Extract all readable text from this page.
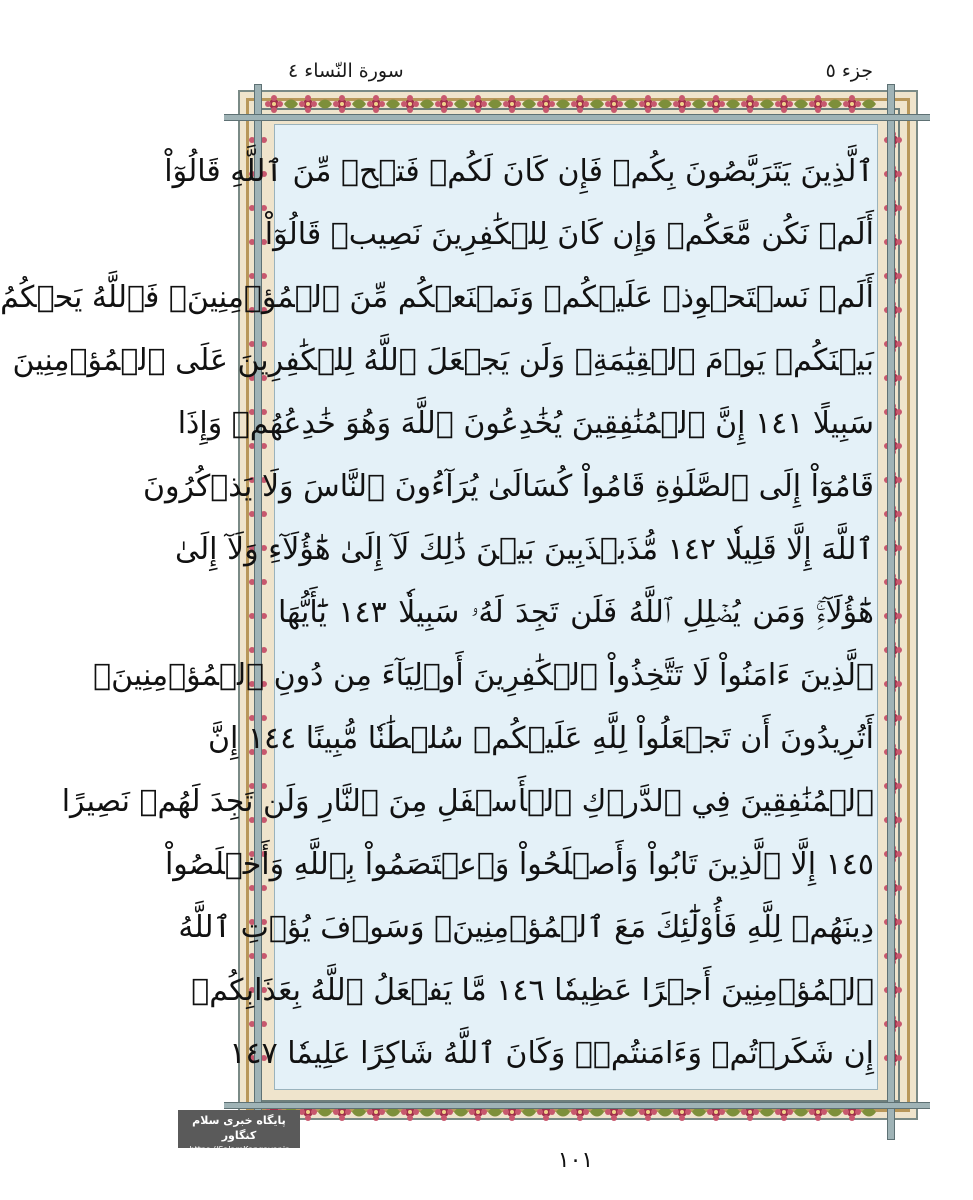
سورة النّساء ٤	جزء ٥
ٱلَّذِينَ يَتَرَبَّصُونَ بِكُمۡ فَإِن كَانَ لَكُمۡ فَتۡحٞ مِّنَ ٱللَّهِ قَالُوٓاْ
أَلَمۡ نَكُن مَّعَكُمۡ وَإِن كَانَ لِلۡكَٰفِرِينَ نَصِيبٞ قَالُوٓاْ
أَلَمۡ نَسۡتَحۡوِذۡ عَلَيۡكُمۡ وَنَمۡنَعۡكُم مِّنَ ٱلۡمُؤۡمِنِينَۚ فَٱللَّهُ يَحۡكُمُ
بَيۡنَكُمۡ يَوۡمَ ٱلۡقِيَٰمَةِۗ وَلَن يَجۡعَلَ ٱللَّهُ لِلۡكَٰفِرِينَ عَلَى ٱلۡمُؤۡمِنِينَ
سَبِيلًا ١٤١ إِنَّ ٱلۡمُنَٰفِقِينَ يُخَٰدِعُونَ ٱللَّهَ وَهُوَ خَٰدِعُهُمۡ وَإِذَا
قَامُوٓاْ إِلَى ٱلصَّلَوٰةِ قَامُواْ كُسَالَىٰ يُرَآءُونَ ٱلنَّاسَ وَلَا يَذۡكُرُونَ
ٱللَّهَ إِلَّا قَلِيلٗا ١٤٢ مُّذَبۡذَبِينَ بَيۡنَ ذَٰلِكَ لَآ إِلَىٰ هَٰٓؤُلَآءِ وَلَآ إِلَىٰ
هَٰٓؤُلَآءِۚ وَمَن يُضۡلِلِ ٱللَّهُ فَلَن تَجِدَ لَهُۥ سَبِيلٗا ١٤٣ يَٰٓأَيُّهَا
ٱلَّذِينَ ءَامَنُواْ لَا تَتَّخِذُواْ ٱلۡكَٰفِرِينَ أَوۡلِيَآءَ مِن دُونِ ٱلۡمُؤۡمِنِينَۚ
أَتُرِيدُونَ أَن تَجۡعَلُواْ لِلَّهِ عَلَيۡكُمۡ سُلۡطَٰنٗا مُّبِينًا ١٤٤ إِنَّ
ٱلۡمُنَٰفِقِينَ فِي ٱلدَّرۡكِ ٱلۡأَسۡفَلِ مِنَ ٱلنَّارِ وَلَن تَجِدَ لَهُمۡ نَصِيرًا
١٤٥ إِلَّا ٱلَّذِينَ تَابُواْ وَأَصۡلَحُواْ وَٱعۡتَصَمُواْ بِٱللَّهِ وَأَخۡلَصُواْ
دِينَهُمۡ لِلَّهِ فَأُوْلَٰٓئِكَ مَعَ ٱلۡمُؤۡمِنِينَۖ وَسَوۡفَ يُؤۡتِ ٱللَّهُ
ٱلۡمُؤۡمِنِينَ أَجۡرًا عَظِيمٗا ١٤٦ مَّا يَفۡعَلُ ٱللَّهُ بِعَذَابِكُمۡ
إِن شَكَرۡتُمۡ وَءَامَنتُمۡۚ وَكَانَ ٱللَّهُ شَاكِرًا عَلِيمٗا ١٤٧
پایگاه خبری سلام کنگاور
https://SalamKangavar.ir	١٠١
